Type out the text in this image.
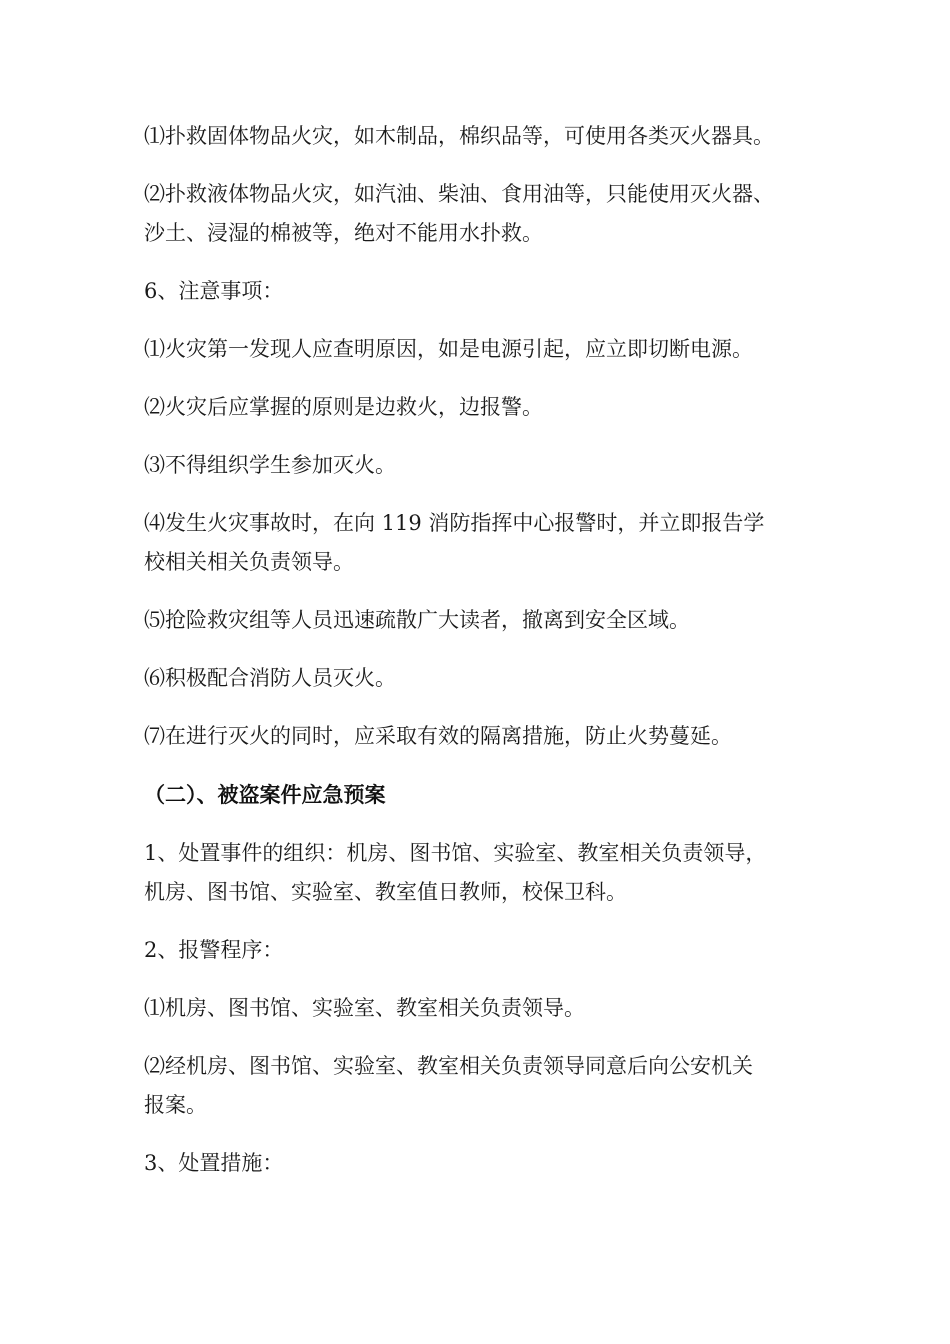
⑴扑救固体物品火灾，如木制品，棉织品等，可使用各类灭火器具。

⑵扑救液体物品火灾，如汽油、柴油、食用油等，只能使用灭火器、
沙土、浸湿的棉被等，绝对不能用水扑救。

6、注意事项：

⑴火灾第一发现人应查明原因，如是电源引起，应立即切断电源。

⑵火灾后应掌握的原则是边救火，边报警。

⑶不得组织学生参加灭火。

⑷发生火灾事故时，在向 119 消防指挥中心报警时，并立即报告学
校相关相关负责领导。

⑸抢险救灾组等人员迅速疏散广大读者，撤离到安全区域。

⑹积极配合消防人员灭火。

⑺在进行灭火的同时，应采取有效的隔离措施，防止火势蔓延。

（二）、被盗案件应急预案

1、处置事件的组织：机房、图书馆、实验室、教室相关负责领导，
机房、图书馆、实验室、教室值日教师，校保卫科。

2、报警程序：

⑴机房、图书馆、实验室、教室相关负责领导。

⑵经机房、图书馆、实验室、教室相关负责领导同意后向公安机关
报案。

3、处置措施：
